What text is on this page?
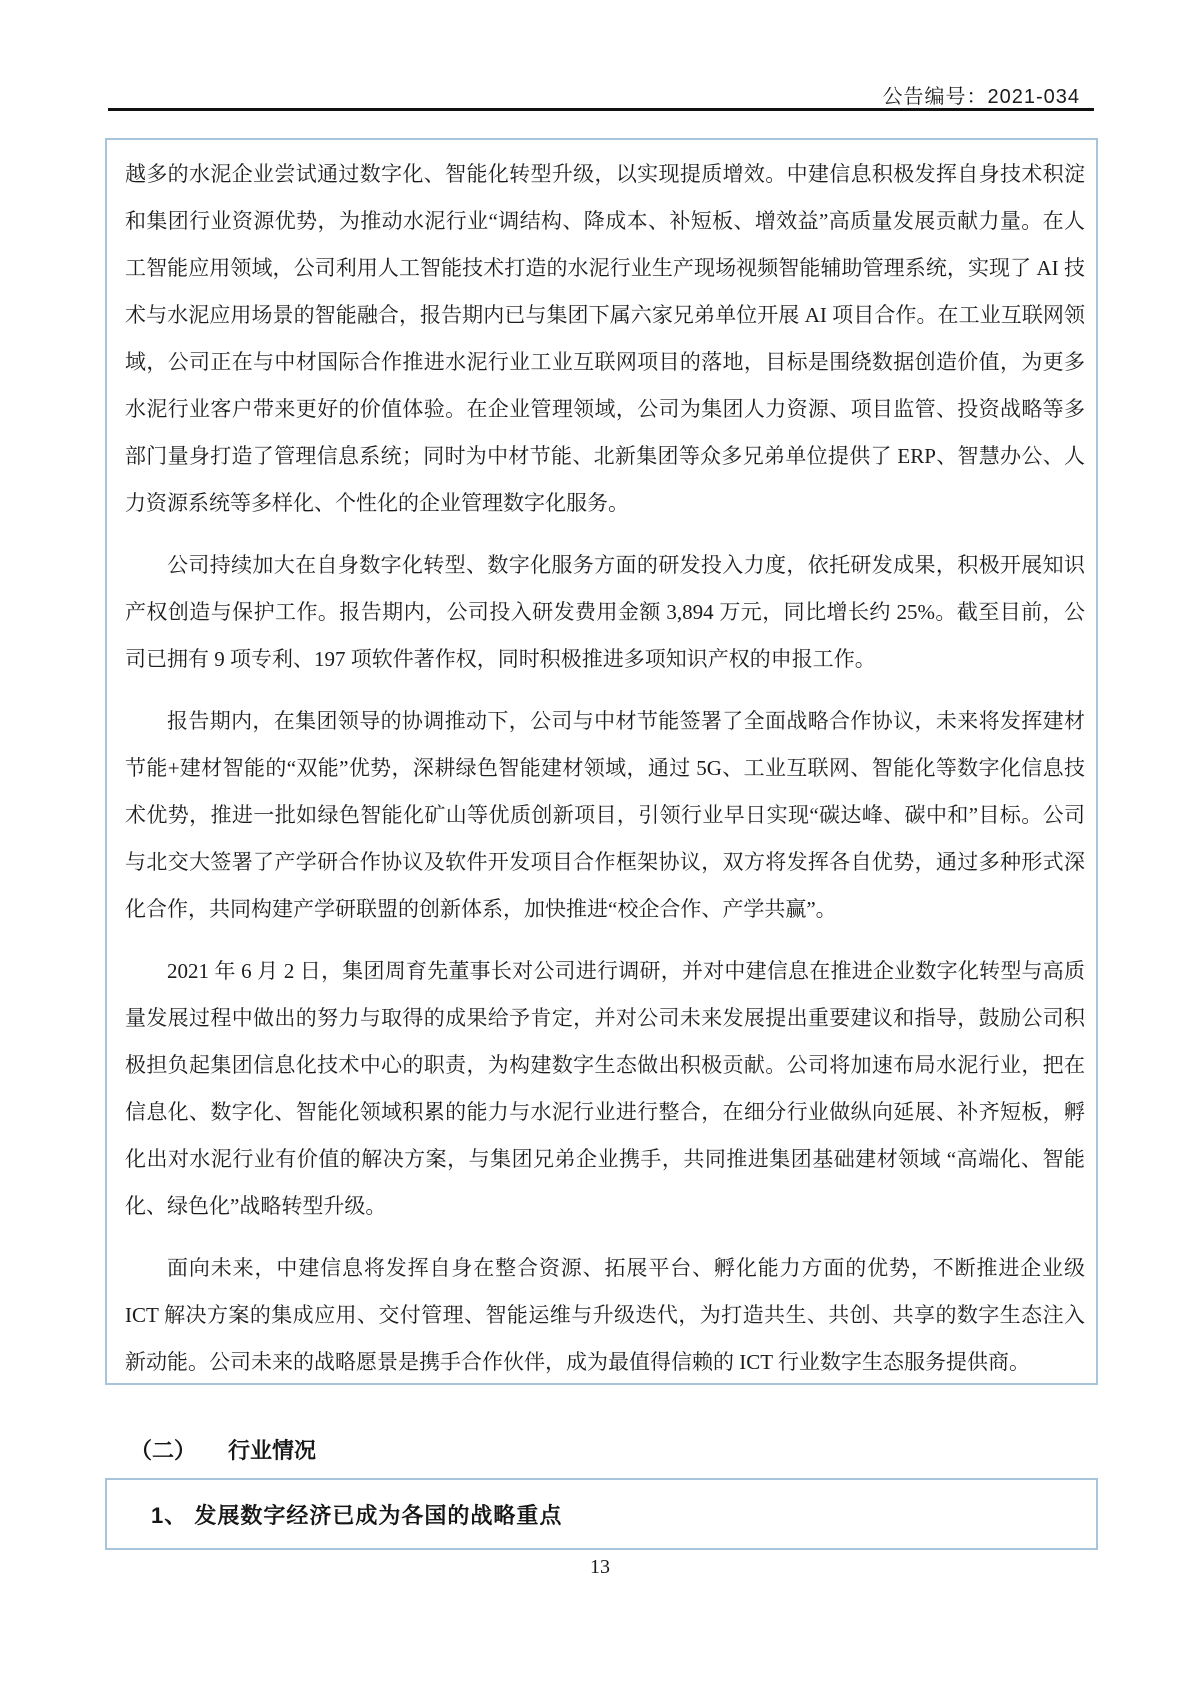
公告编号：2021-034

越多的水泥企业尝试通过数字化、智能化转型升级，以实现提质增效。中建信息积极发挥自身技术积淀和集团行业资源优势，为推动水泥行业“调结构、降成本、补短板、增效益”高质量发展贡献力量。在人工智能应用领域，公司利用人工智能技术打造的水泥行业生产现场视频智能辅助管理系统，实现了 AI 技术与水泥应用场景的智能融合，报告期内已与集团下属六家兄弟单位开展 AI 项目合作。在工业互联网领域，公司正在与中材国际合作推进水泥行业工业互联网项目的落地，目标是围绕数据创造价值，为更多水泥行业客户带来更好的价值体验。在企业管理领域，公司为集团人力资源、项目监管、投资战略等多部门量身打造了管理信息系统；同时为中材节能、北新集团等众多兄弟单位提供了 ERP、智慧办公、人力资源系统等多样化、个性化的企业管理数字化服务。

公司持续加大在自身数字化转型、数字化服务方面的研发投入力度，依托研发成果，积极开展知识产权创造与保护工作。报告期内，公司投入研发费用金额 3,894 万元，同比增长约 25%。截至目前，公司已拥有 9 项专利、197 项软件著作权，同时积极推进多项知识产权的申报工作。

报告期内，在集团领导的协调推动下，公司与中材节能签署了全面战略合作协议，未来将发挥建材节能+建材智能的“双能”优势，深耕绿色智能建材领域，通过 5G、工业互联网、智能化等数字化信息技术优势，推进一批如绿色智能化矿山等优质创新项目，引领行业早日实现“碳达峰、碳中和”目标。公司与北交大签署了产学研合作协议及软件开发项目合作框架协议，双方将发挥各自优势，通过多种形式深化合作，共同构建产学研联盟的创新体系，加快推进“校企合作、产学共赢”。

2021 年 6 月 2 日，集团周育先董事长对公司进行调研，并对中建信息在推进企业数字化转型与高质量发展过程中做出的努力与取得的成果给予肯定，并对公司未来发展提出重要建议和指导，鼓励公司积极担负起集团信息化技术中心的职责，为构建数字生态做出积极贡献。公司将加速布局水泥行业，把在信息化、数字化、智能化领域积累的能力与水泥行业进行整合，在细分行业做纵向延展、补齐短板，孵化出对水泥行业有价值的解决方案，与集团兄弟企业携手，共同推进集团基础建材领域 “高端化、智能化、绿色化”战略转型升级。

面向未来，中建信息将发挥自身在整合资源、拓展平台、孵化能力方面的优势，不断推进企业级 ICT 解决方案的集成应用、交付管理、智能运维与升级迭代，为打造共生、共创、共享的数字生态注入新动能。公司未来的战略愿景是携手合作伙伴，成为最值得信赖的 ICT 行业数字生态服务提供商。

（二） 行业情况
1、 发展数字经济已成为各国的战略重点
13
